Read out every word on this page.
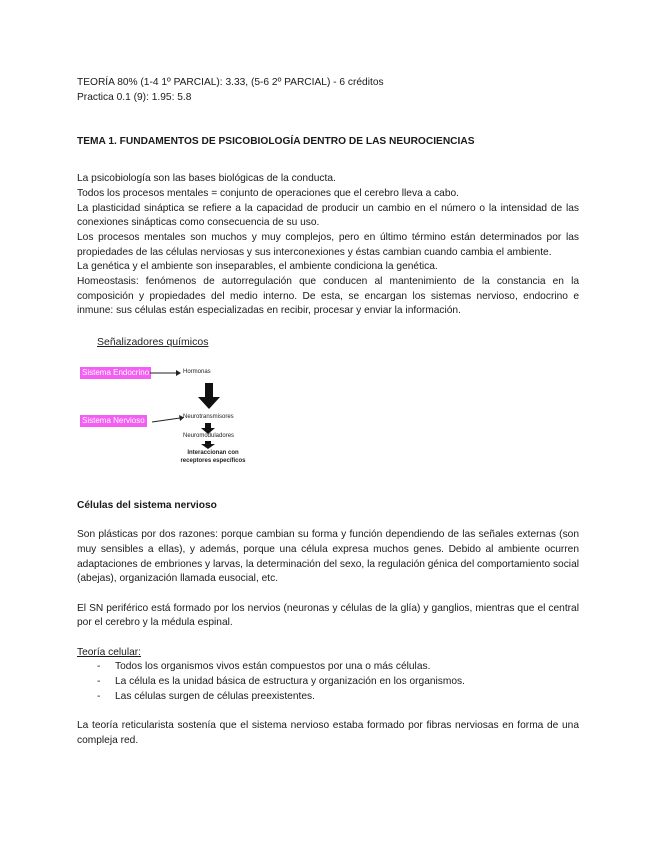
TEORÍA 80% (1-4 1º PARCIAL): 3.33, (5-6 2º PARCIAL) - 6 créditos

Practica 0.1 (9): 1.95: 5.8

TEMA 1. FUNDAMENTOS DE PSICOBIOLOGÍA DENTRO DE LAS NEUROCIENCIAS

La psicobiología son las bases biológicas de la conducta.

Todos los procesos mentales = conjunto de operaciones que el cerebro lleva a cabo.

La plasticidad sináptica se refiere a la capacidad de producir un cambio en el número o la intensidad de las conexiones sinápticas como consecuencia de su uso.

Los procesos mentales son muchos y muy complejos, pero en último término están determinados por las propiedades de las células nerviosas y sus interconexiones y éstas cambian cuando cambia el ambiente.

La genética y el ambiente son inseparables, el ambiente condiciona la genética.

Homeostasis: fenómenos de autorregulación que conducen al mantenimiento de la constancia en la composición y propiedades del medio interno. De esta, se encargan los sistemas nervioso, endocrino e inmune: sus células están especializadas en recibir, procesar y enviar la información.

Señalizadores químicos
Sistema Endocrino	Hormonas
Sistema Nervioso	Neurotransmisores
Neuromoduladores
Interaccionan con receptores específicos

Células del sistema nervioso

Son plásticas por dos razones: porque cambian su forma y función dependiendo de las señales externas (son muy sensibles a ellas), y además, porque una célula expresa muchos genes. Debido al ambiente ocurren adaptaciones de embriones y larvas, la determinación del sexo, la regulación génica del comportamiento social (abejas), organización llamada eusocial, etc.

El SN periférico está formado por los nervios (neuronas y células de la glía) y ganglios, mientras que el central por el cerebro y la médula espinal.

Teoría celular:

- Todos los organismos vivos están compuestos por una o más células.
- La célula es la unidad básica de estructura y organización en los organismos.
- Las células surgen de células preexistentes.

La teoría reticularista sostenía que el sistema nervioso estaba formado por fibras nerviosas en forma de una compleja red.
